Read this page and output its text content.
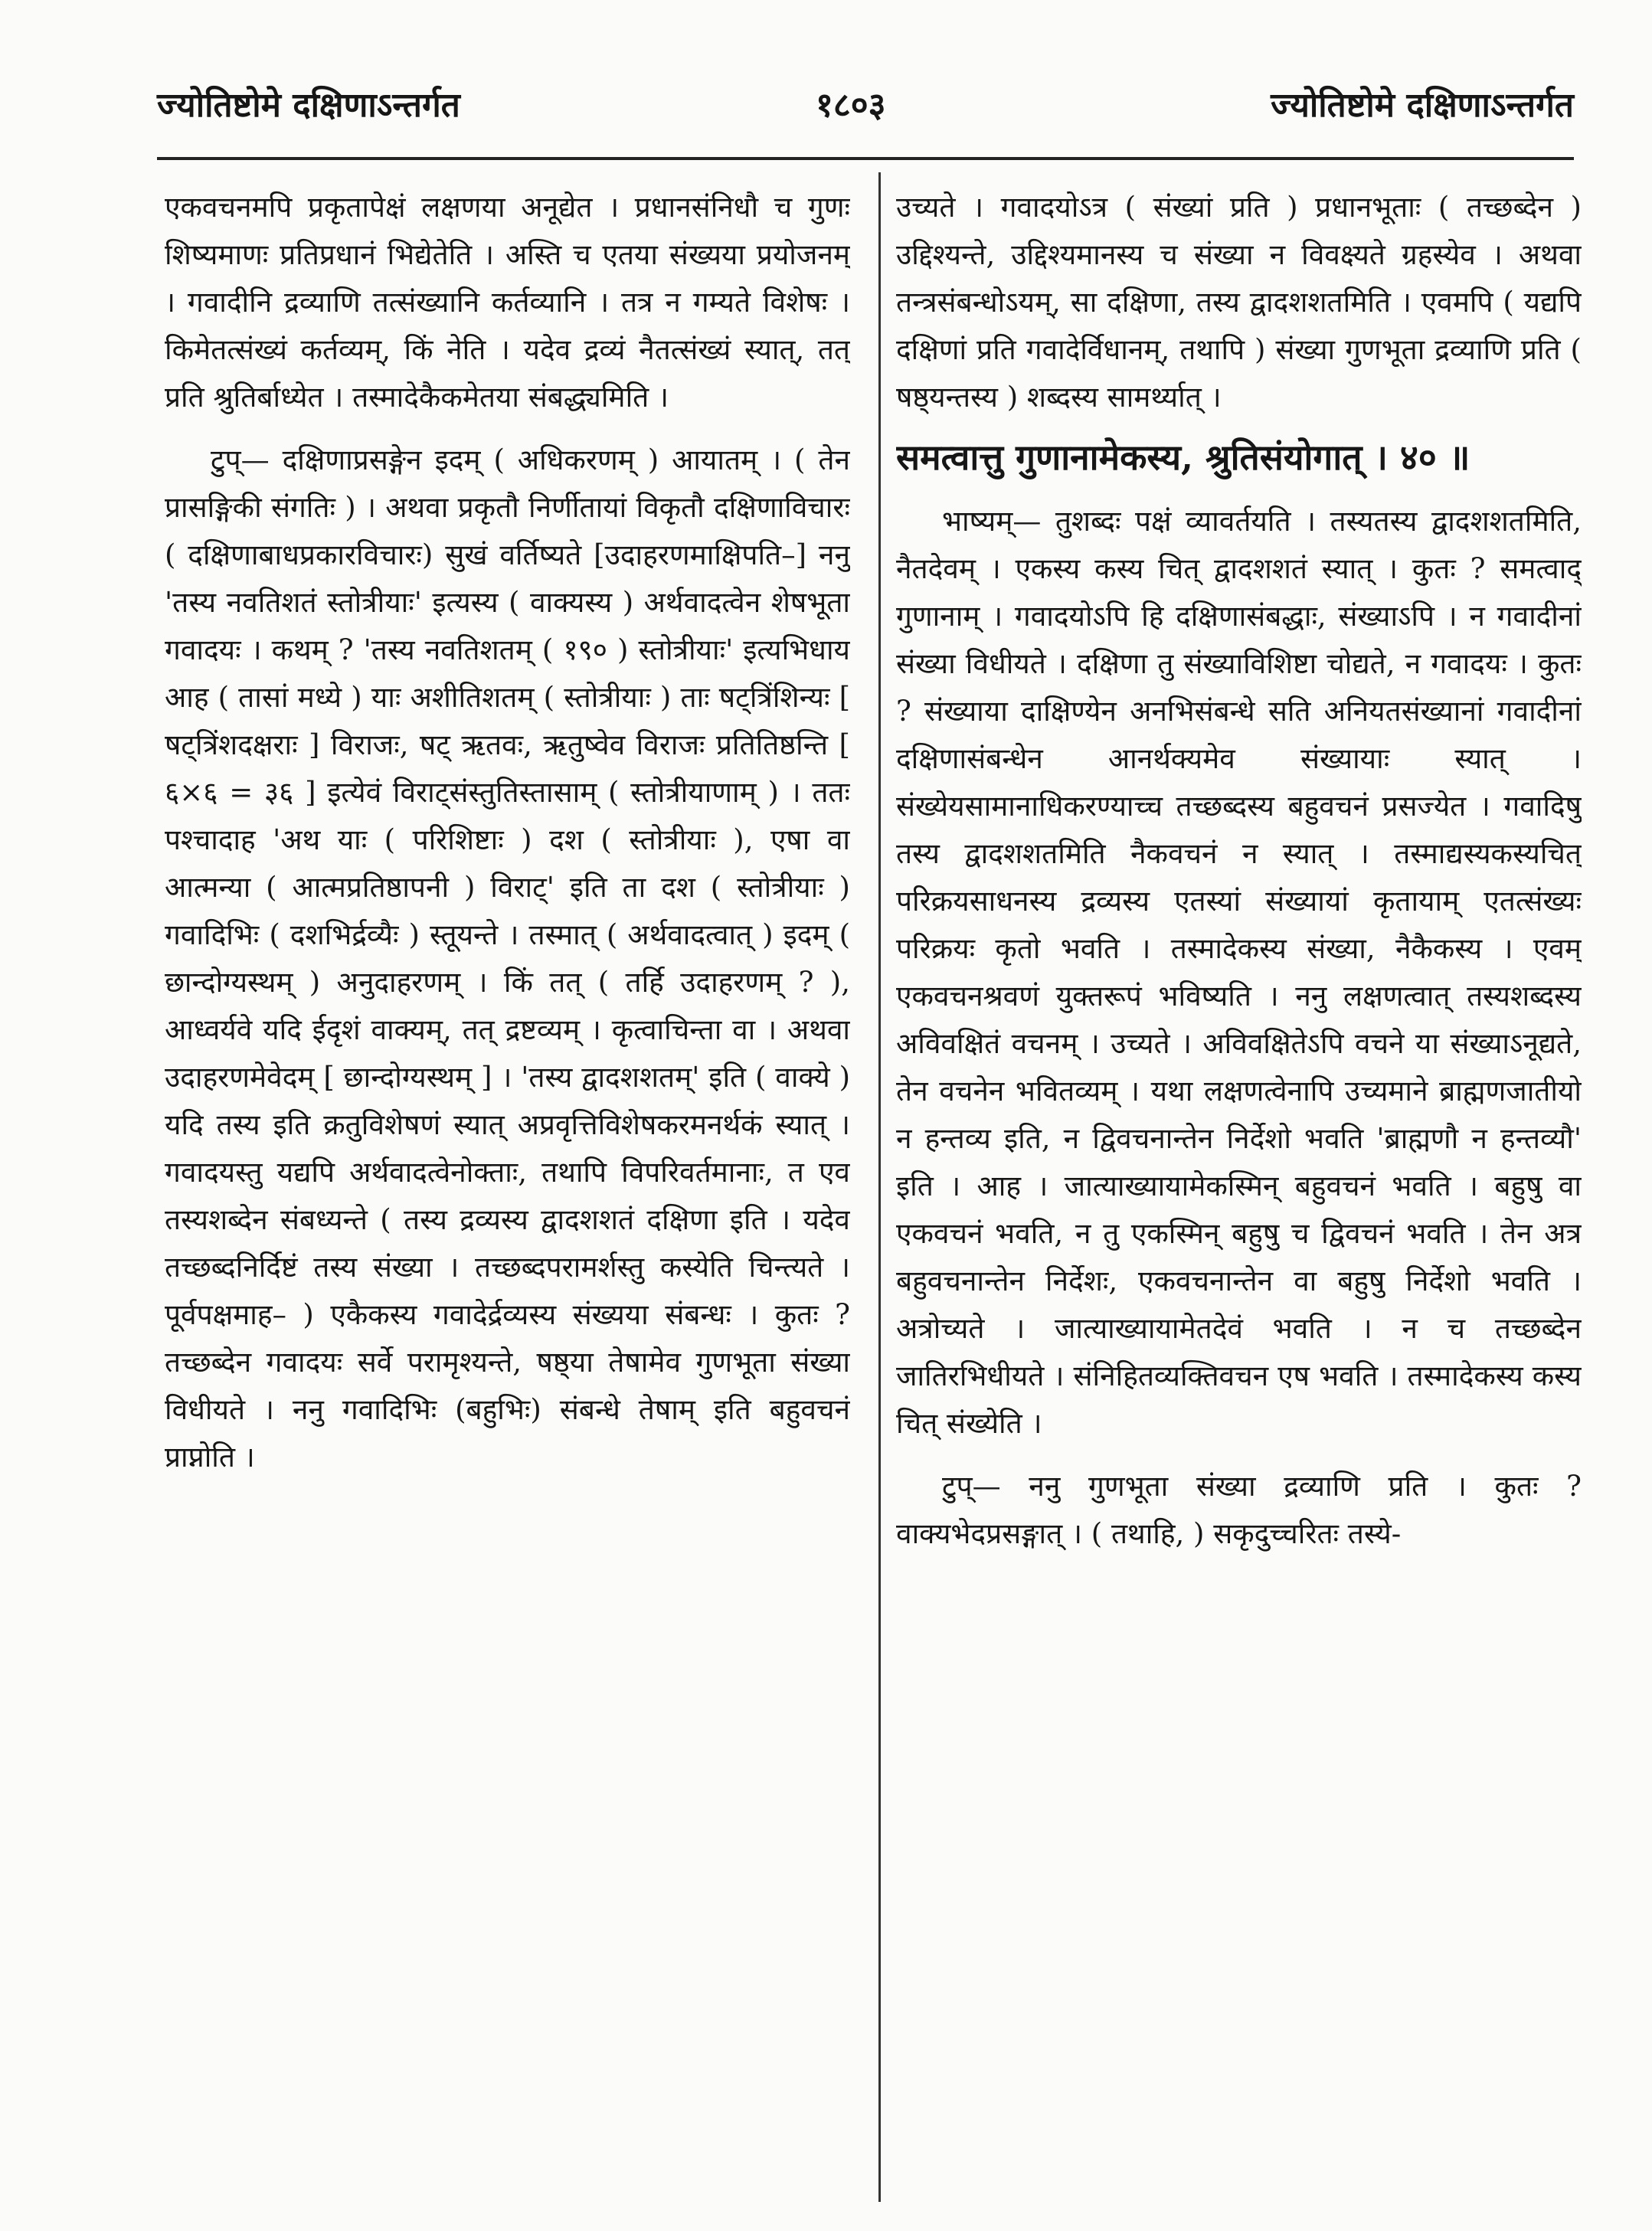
ज्योतिष्टोमे दक्षिणाऽन्तर्गत	१८०३	ज्योतिष्टोमे दक्षिणाऽन्तर्गत

एकवचनमपि प्रकृतापेक्षं लक्षणया अनूद्येत । प्रधानसंनिधौ च गुणः शिष्यमाणः प्रतिप्रधानं भिद्येतेति । अस्ति च एतया संख्यया प्रयोजनम् । गवादीनि द्रव्याणि तत्संख्यानि कर्तव्यानि । तत्र न गम्यते विशेषः । किमेतत्संख्यं कर्तव्यम्, किं नेति । यदेव द्रव्यं नैतत्संख्यं स्यात्, तत् प्रति श्रुतिर्बाध्येत । तस्मादेकैकमेतया संबद्ध्यमिति ।

टुप्— दक्षिणाप्रसङ्गेन इदम् ( अधिकरणम् ) आयातम् । ( तेन प्रासङ्गिकी संगतिः ) । अथवा प्रकृतौ निर्णीतायां विकृतौ दक्षिणाविचारः ( दक्षिणाबाधप्रकारविचारः) सुखं वर्तिष्यते [उदाहरणमाक्षिपति–] ननु 'तस्य नवतिशतं स्तोत्रीयाः' इत्यस्य ( वाक्यस्य ) अर्थवादत्वेन शेषभूता गवादयः । कथम् ? 'तस्य नवतिशतम् ( १९० ) स्तोत्रीयाः' इत्यभिधाय आह ( तासां मध्ये ) याः अशीतिशतम् ( स्तोत्रीयाः ) ताः षट्त्रिंशिन्यः [ षट्त्रिंशदक्षराः ] विराजः, षट् ऋतवः, ऋतुष्वेव विराजः प्रतितिष्ठन्ति [ ६×६ = ३६ ] इत्येवं विराट्संस्तुतिस्तासाम् ( स्तोत्रीयाणाम् ) । ततः पश्चादाह 'अथ याः ( परिशिष्टाः ) दश ( स्तोत्रीयाः ), एषा वा आत्मन्या ( आत्मप्रतिष्ठापनी ) विराट्' इति ता दश ( स्तोत्रीयाः ) गवादिभिः ( दशभिर्द्रव्यैः ) स्तूयन्ते । तस्मात् ( अर्थवादत्वात् ) इदम् ( छान्दोग्यस्थम् ) अनुदाहरणम् । किं तत् ( तर्हि उदाहरणम् ? ), आध्वर्यवे यदि ईदृशं वाक्यम्, तत् द्रष्टव्यम् । कृत्वाचिन्ता वा । अथवा उदाहरणमेवेदम् [ छान्दोग्यस्थम् ] । 'तस्य द्वादशशतम्' इति ( वाक्ये ) यदि तस्य इति क्रतुविशेषणं स्यात् अप्रवृत्तिविशेषकरमनर्थकं स्यात् । गवादयस्तु यद्यपि अर्थवादत्वेनोक्ताः, तथापि विपरिवर्तमानाः, त एव तस्यशब्देन संबध्यन्ते ( तस्य द्रव्यस्य द्वादशशतं दक्षिणा इति । यदेव तच्छब्दनिर्दिष्टं तस्य संख्या । तच्छब्दपरामर्शस्तु कस्येति चिन्त्यते । पूर्वपक्षमाह– ) एकैकस्य गवादेर्द्रव्यस्य संख्यया संबन्धः । कुतः ? तच्छब्देन गवादयः सर्वे परामृश्यन्ते, षष्ठ्या तेषामेव गुणभूता संख्या विधीयते । ननु गवादिभिः (बहुभिः) संबन्धे तेषाम् इति बहुवचनं प्राप्नोति ।

उच्यते । गवादयोऽत्र ( संख्यां प्रति ) प्रधानभूताः ( तच्छब्देन ) उद्दिश्यन्ते, उद्दिश्यमानस्य च संख्या न विवक्ष्यते ग्रहस्येव । अथवा तन्त्रसंबन्धोऽयम्, सा दक्षिणा, तस्य द्वादशशतमिति । एवमपि ( यद्यपि दक्षिणां प्रति गवादेर्विधानम्, तथापि ) संख्या गुणभूता द्रव्याणि प्रति ( षष्ठ्यन्तस्य ) शब्दस्य सामर्थ्यात् ।

समत्वात्तु गुणानामेकस्य, श्रुतिसंयोगात् । ४० ॥

भाष्यम्— तुशब्दः पक्षं व्यावर्तयति । तस्यतस्य द्वादशशतमिति, नैतदेवम् । एकस्य कस्य चित् द्वादशशतं स्यात् । कुतः ? समत्वाद् गुणानाम् । गवादयोऽपि हि दक्षिणासंबद्धाः, संख्याऽपि । न गवादीनां संख्या विधीयते । दक्षिणा तु संख्याविशिष्टा चोद्यते, न गवादयः । कुतः ? संख्याया दाक्षिण्येन अनभिसंबन्धे सति अनियतसंख्यानां गवादीनां दक्षिणासंबन्धेन आनर्थक्यमेव संख्यायाः स्यात् । संख्येयसामानाधिकरण्याच्च तच्छब्दस्य बहुवचनं प्रसज्येत । गवादिषु तस्य द्वादशशतमिति नैकवचनं न स्यात् । तस्माद्यस्यकस्यचित् परिक्रयसाधनस्य द्रव्यस्य एतस्यां संख्यायां कृतायाम् एतत्संख्यः परिक्रयः कृतो भवति । तस्मादेकस्य संख्या, नैकैकस्य । एवम् एकवचनश्रवणं युक्तरूपं भविष्यति । ननु लक्षणत्वात् तस्यशब्दस्य अविवक्षितं वचनम् । उच्यते । अविवक्षितेऽपि वचने या संख्याऽनूद्यते, तेन वचनेन भवितव्यम् । यथा लक्षणत्वेनापि उच्यमाने ब्राह्मणजातीयो न हन्तव्य इति, न द्विवचनान्तेन निर्देशो भवति 'ब्राह्मणौ न हन्तव्यौ' इति । आह । जात्याख्यायामेकस्मिन् बहुवचनं भवति । बहुषु वा एकवचनं भवति, न तु एकस्मिन् बहुषु च द्विवचनं भवति । तेन अत्र बहुवचनान्तेन निर्देशः, एकवचनान्तेन वा बहुषु निर्देशो भवति । अत्रोच्यते । जात्याख्यायामेतदेवं भवति । न च तच्छब्देन जातिरभिधीयते । संनिहितव्यक्तिवचन एष भवति । तस्मादेकस्य कस्य चित् संख्येति ।

टुप्— ननु गुणभूता संख्या द्रव्याणि प्रति । कुतः ? वाक्यभेदप्रसङ्गात् । ( तथाहि, ) सकृदुच्चरितः तस्ये-
